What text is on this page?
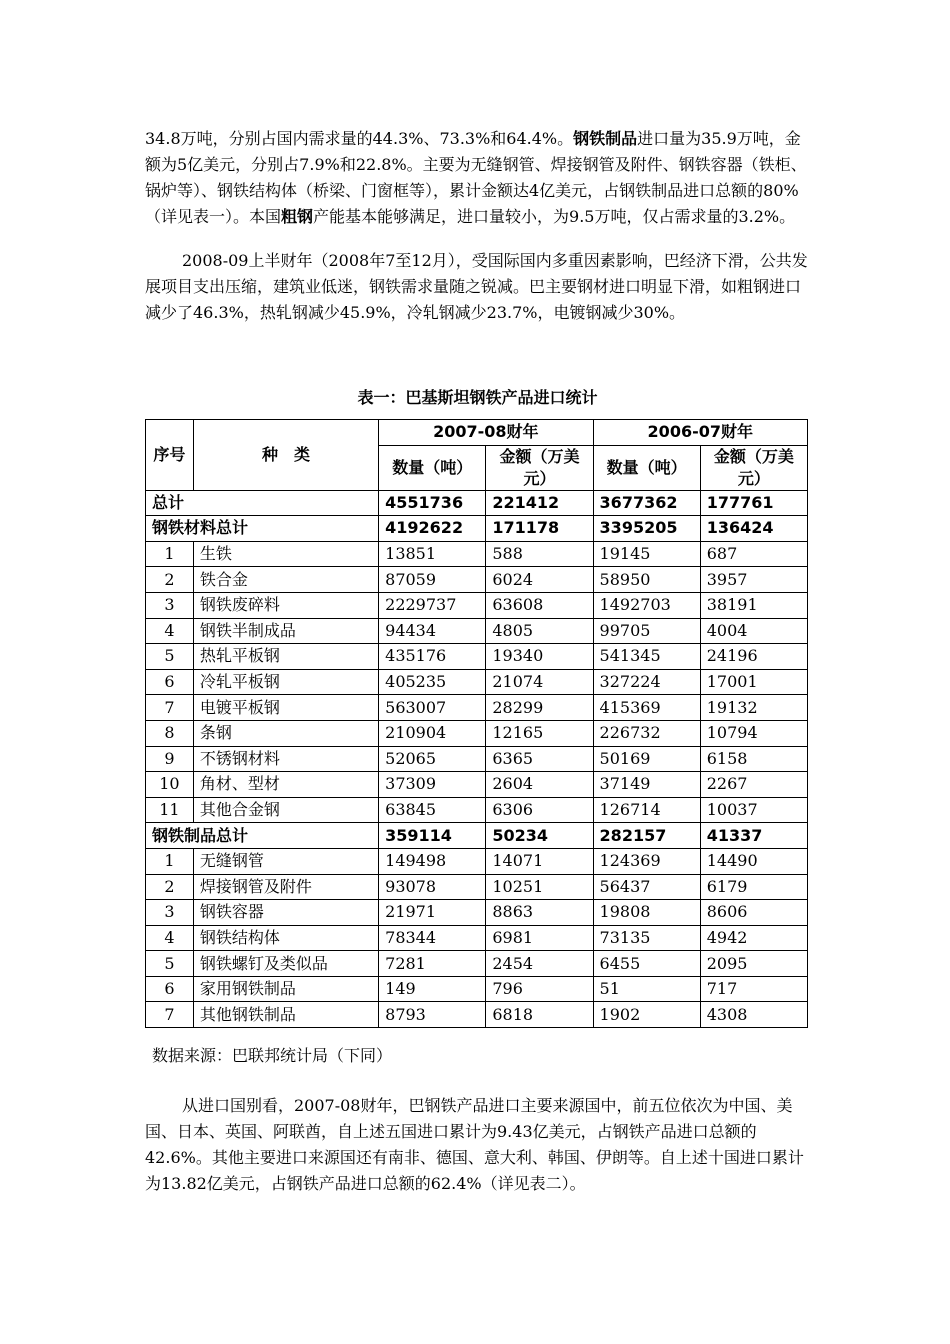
34.8万吨，分别占国内需求量的44.3%、73.3%和64.4%。钢铁制品进口量为35.9万吨，金额为5亿美元，分别占7.9%和22.8%。主要为无缝钢管、焊接钢管及附件、钢铁容器（铁柜、锅炉等）、钢铁结构体（桥梁、门窗框等），累计金额达4亿美元，占钢铁制品进口总额的80%（详见表一）。本国粗钢产能基本能够满足，进口量较小，为9.5万吨，仅占需求量的3.2%。

2008-09上半财年（2008年7至12月），受国际国内多重因素影响，巴经济下滑，公共发展项目支出压缩，建筑业低迷，钢铁需求量随之锐减。巴主要钢材进口明显下滑，如粗钢进口减少了46.3%，热轧钢减少45.9%，冷轧钢减少23.7%，电镀钢减少30%。

表一：巴基斯坦钢铁产品进口统计
序号	种　类	2007-08财年		2006-07财年	
		数量（吨）	金额（万美元）	数量（吨）	金额（万美元）
总计		4551736	221412	3677362	177761
钢铁材料总计		4192622	171178	3395205	136424
1	生铁	13851	588	19145	687
2	铁合金	87059	6024	58950	3957
3	钢铁废碎料	2229737	63608	1492703	38191
4	钢铁半制成品	94434	4805	99705	4004
5	热轧平板钢	435176	19340	541345	24196
6	冷轧平板钢	405235	21074	327224	17001
7	电镀平板钢	563007	28299	415369	19132
8	条钢	210904	12165	226732	10794
9	不锈钢材料	52065	6365	50169	6158
10	角材、型材	37309	2604	37149	2267
11	其他合金钢	63845	6306	126714	10037
钢铁制品总计		359114	50234	282157	41337
1	无缝钢管	149498	14071	124369	14490
2	焊接钢管及附件	93078	10251	56437	6179
3	钢铁容器	21971	8863	19808	8606
4	钢铁结构体	78344	6981	73135	4942
5	钢铁螺钉及类似品	7281	2454	6455	2095
6	家用钢铁制品	149	796	51	717
7	其他钢铁制品	8793	6818	1902	4308
数据来源：巴联邦统计局（下同）

从进口国别看，2007-08财年，巴钢铁产品进口主要来源国中，前五位依次为中国、美国、日本、英国、阿联酋，自上述五国进口累计为9.43亿美元，占钢铁产品进口总额的42.6%。其他主要进口来源国还有南非、德国、意大利、韩国、伊朗等。自上述十国进口累计为13.82亿美元，占钢铁产品进口总额的62.4%（详见表二）。
